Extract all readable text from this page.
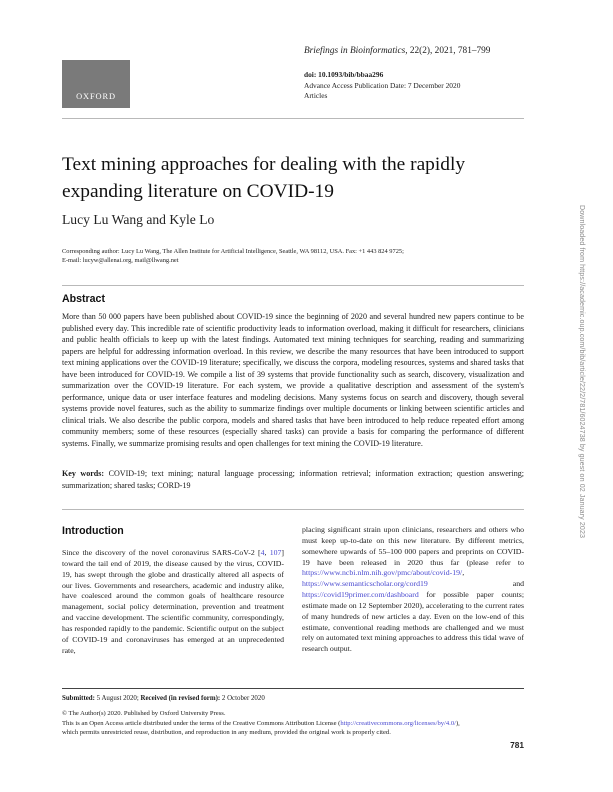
OXFORD
Briefings in Bioinformatics, 22(2), 2021, 781–799
doi: 10.1093/bib/bbaa296
Advance Access Publication Date: 7 December 2020
Articles
Text mining approaches for dealing with the rapidly expanding literature on COVID-19
Lucy Lu Wang and Kyle Lo
Corresponding author: Lucy Lu Wang, The Allen Institute for Artificial Intelligence, Seattle, WA 98112, USA. Fax: +1 443 824 9725;
E-mail: lucyw@allenai.org, mail@llwang.net
Abstract
More than 50 000 papers have been published about COVID-19 since the beginning of 2020 and several hundred new papers continue to be published every day. This incredible rate of scientific productivity leads to information overload, making it difficult for researchers, clinicians and public health officials to keep up with the latest findings. Automated text mining techniques for searching, reading and summarizing papers are helpful for addressing information overload. In this review, we describe the many resources that have been introduced to support text mining applications over the COVID-19 literature; specifically, we discuss the corpora, modeling resources, systems and shared tasks that have been introduced for COVID-19. We compile a list of 39 systems that provide functionality such as search, discovery, visualization and summarization over the COVID-19 literature. For each system, we provide a qualitative description and assessment of the system's performance, unique data or user interface features and modeling decisions. Many systems focus on search and discovery, though several systems provide novel features, such as the ability to summarize findings over multiple documents or linking between scientific articles and clinical trials. We also describe the public corpora, models and shared tasks that have been introduced to help reduce repeated effort among community members; some of these resources (especially shared tasks) can provide a basis for comparing the performance of different systems. Finally, we summarize promising results and open challenges for text mining the COVID-19 literature.
Key words: COVID-19; text mining; natural language processing; information retrieval; information extraction; question answering; summarization; shared tasks; CORD-19
Introduction
Since the discovery of the novel coronavirus SARS-CoV-2 [4, 107] toward the tail end of 2019, the disease caused by the virus, COVID-19, has swept through the globe and drastically altered all aspects of our lives. Governments and researchers, academic and industry alike, have coalesced around the common goals of healthcare resource management, social policy determination, prevention and treatment and vaccine development. The scientific community, correspondingly, has responded rapidly to the pandemic. Scientific output on the subject of COVID-19 and coronaviruses has emerged at an unprecedented rate,
placing significant strain upon clinicians, researchers and others who must keep up-to-date on this new literature. By different metrics, somewhere upwards of 55–100 000 papers and preprints on COVID-19 have been released in 2020 thus far (please refer to https://www.ncbi.nlm.nih.gov/pmc/about/covid-19/, https://www.semanticscholar.org/cord19 and https://covid19primer.com/dashboard for possible paper counts; estimate made on 12 September 2020), accelerating to the current rates of many hundreds of new articles a day. Even on the low-end of this estimate, conventional reading methods are challenged and we must rely on automated text mining approaches to address this tidal wave of research output.
Submitted: 5 August 2020; Received (in revised form): 2 October 2020
© The Author(s) 2020. Published by Oxford University Press.
This is an Open Access article distributed under the terms of the Creative Commons Attribution License (http://creativecommons.org/licenses/by/4.0/),
which permits unrestricted reuse, distribution, and reproduction in any medium, provided the original work is properly cited.
781
Downloaded from https://academic.oup.com/bib/article/22/2/781/6024738 by guest on 02 January 2023
